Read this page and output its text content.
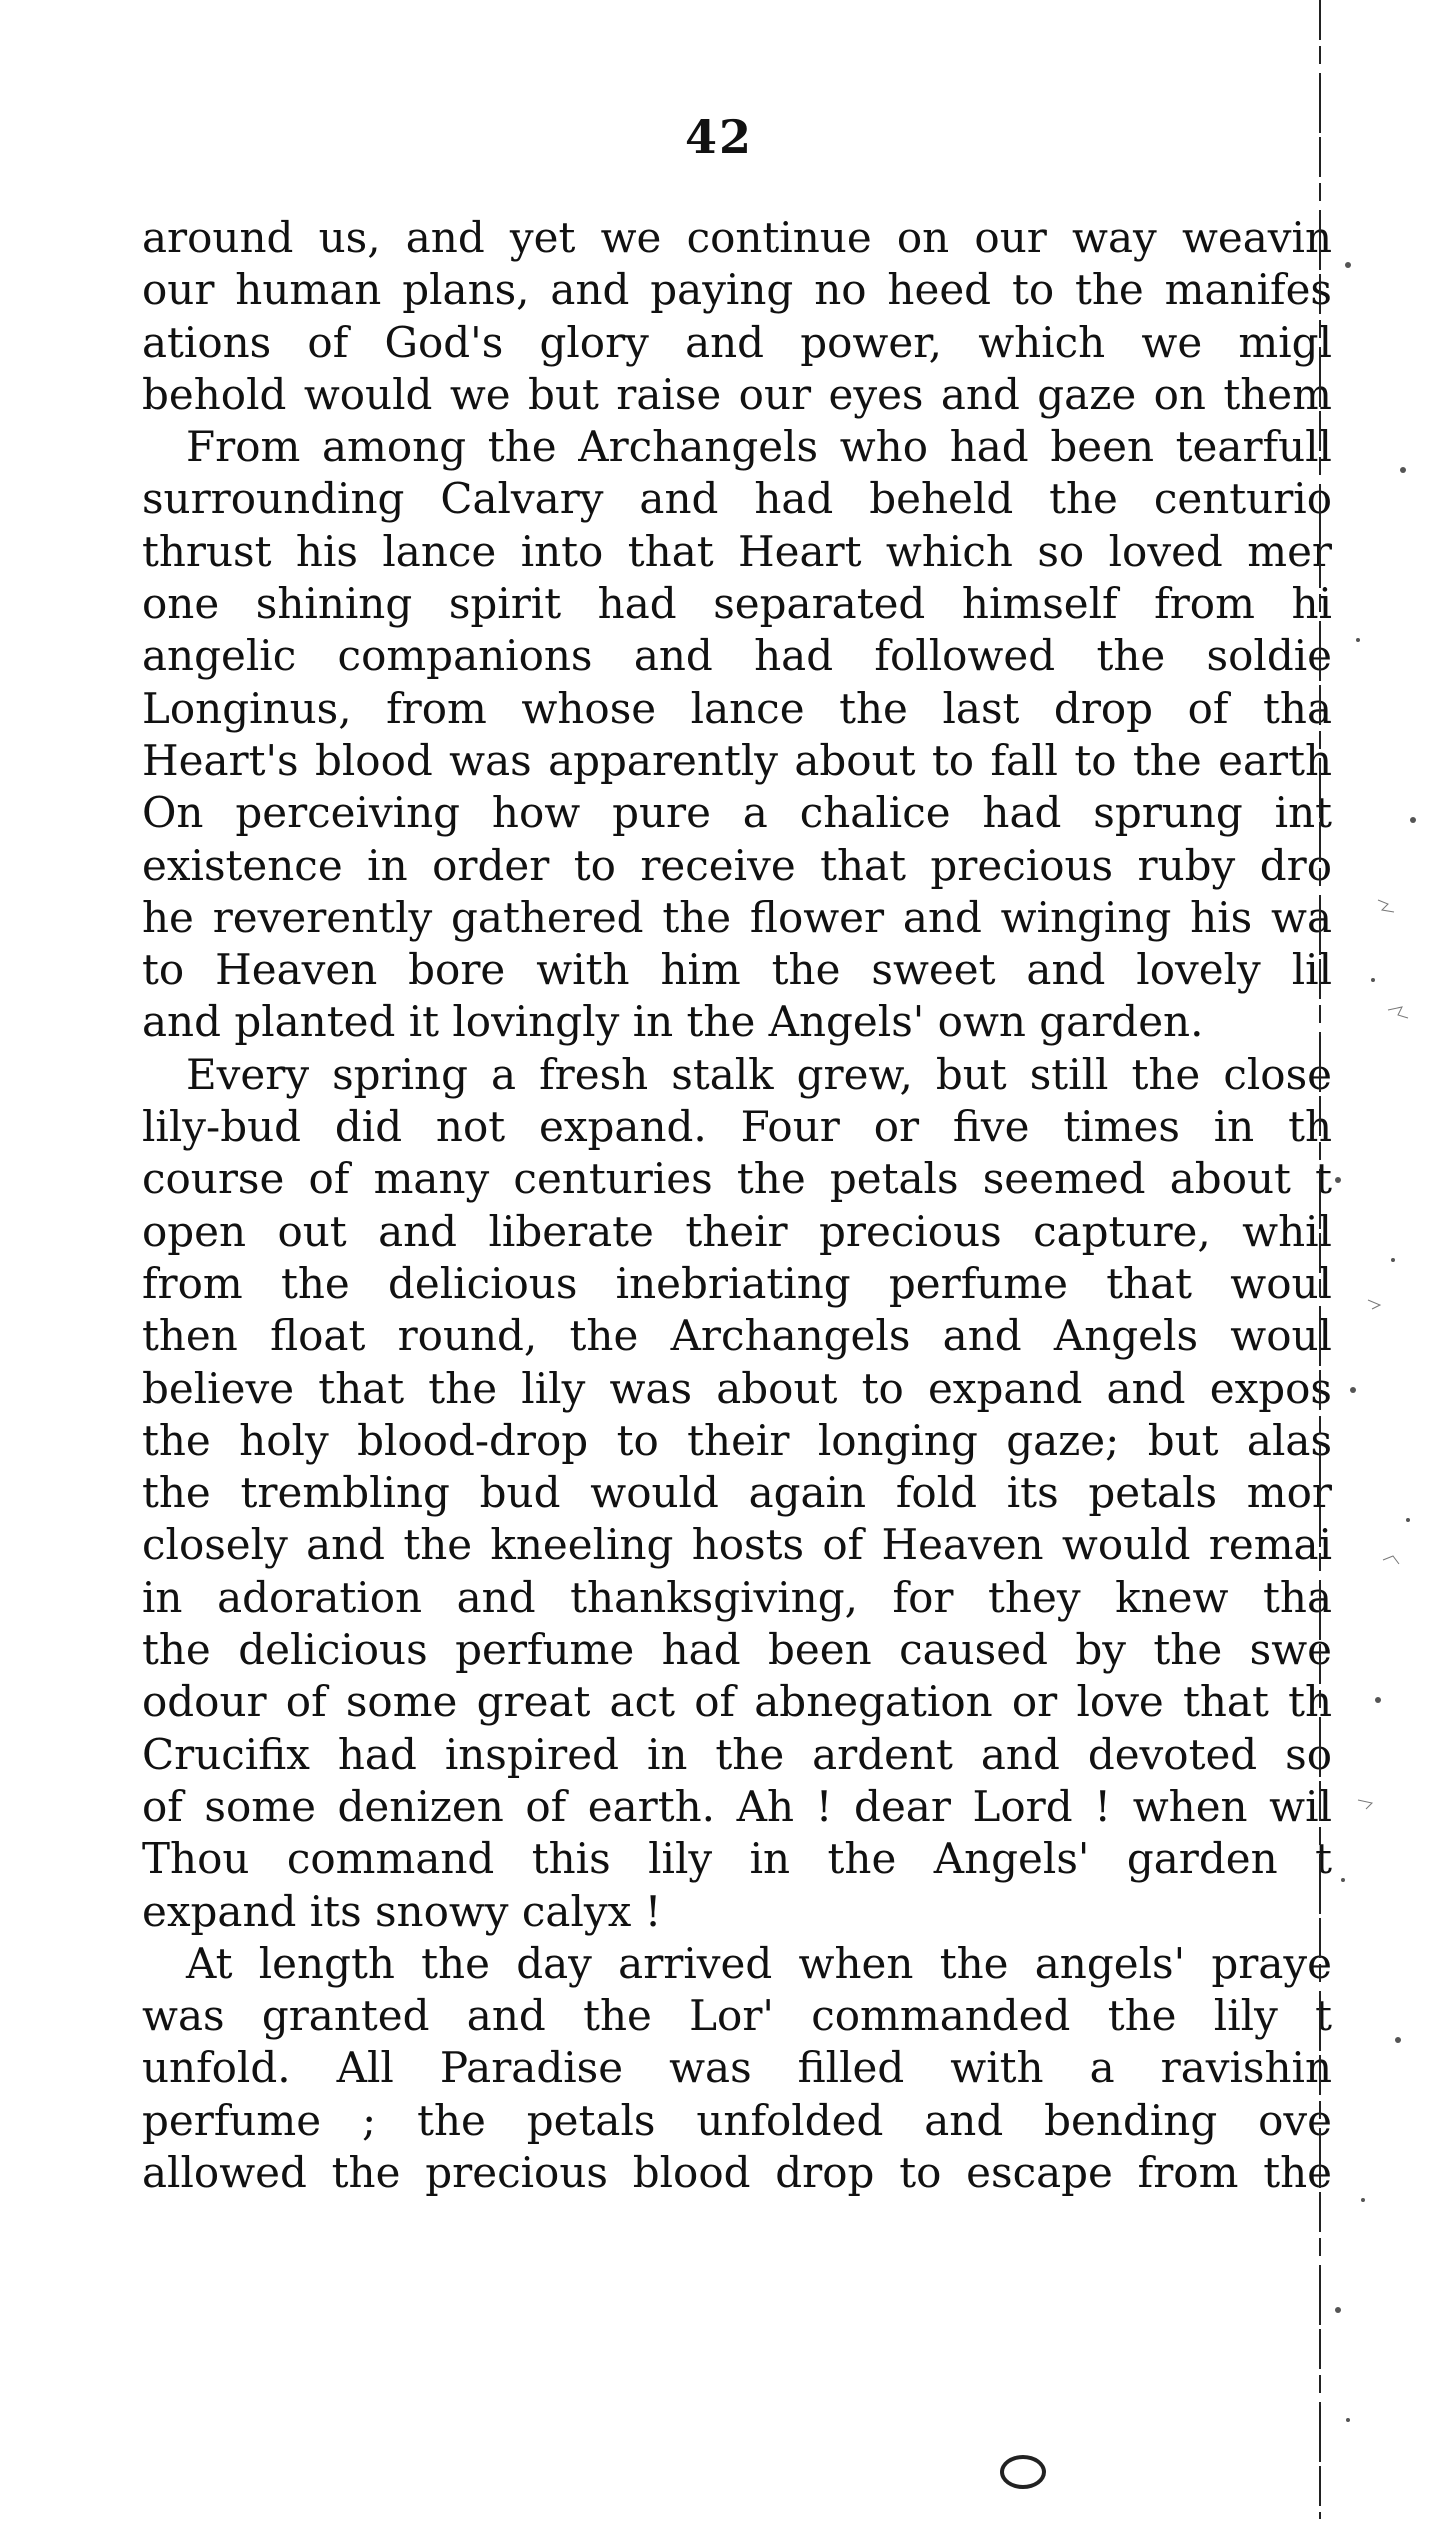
42
around us, and yet we continue on our way weavin
our human plans, and paying no heed to the manifes
ations of God's glory and power, which we migl
behold would we but raise our eyes and gaze on them
From among the Archangels who had been tearfull
surrounding Calvary and had beheld the centurio
thrust his lance into that Heart which so loved mer
one shining spirit had separated himself from hi
angelic companions and had followed the soldie
Longinus, from whose lance the last drop of tha
Heart's blood was apparently about to fall to the earth
On perceiving how pure a chalice had sprung int
existence in order to receive that precious ruby dro
he reverently gathered the flower and winging his wa
to Heaven bore with him the sweet and lovely lil
and planted it lovingly in the Angels' own garden.
Every spring a fresh stalk grew, but still the close
lily-bud did not expand. Four or five times in th
course of many centuries the petals seemed about t
open out and liberate their precious capture, whil
from the delicious inebriating perfume that woul
then float round, the Archangels and Angels woul
believe that the lily was about to expand and expos
the holy blood-drop to their longing gaze; but alas
the trembling bud would again fold its petals mor
closely and the kneeling hosts of Heaven would remai
in adoration and thanksgiving, for they knew tha
the delicious perfume had been caused by the swe
odour of some great act of abnegation or love that th
Crucifix had inspired in the ardent and devoted so
of some denizen of earth. Ah ! dear Lord ! when wil
Thou command this lily in the Angels' garden t
expand its snowy calyx !
At length the day arrived when the angels' praye
was granted and the Lor' commanded the lily t
unfold. All Paradise was filled with a ravishin
perfume ; the petals unfolded and bending ove
allowed the precious blood drop to escape from the
